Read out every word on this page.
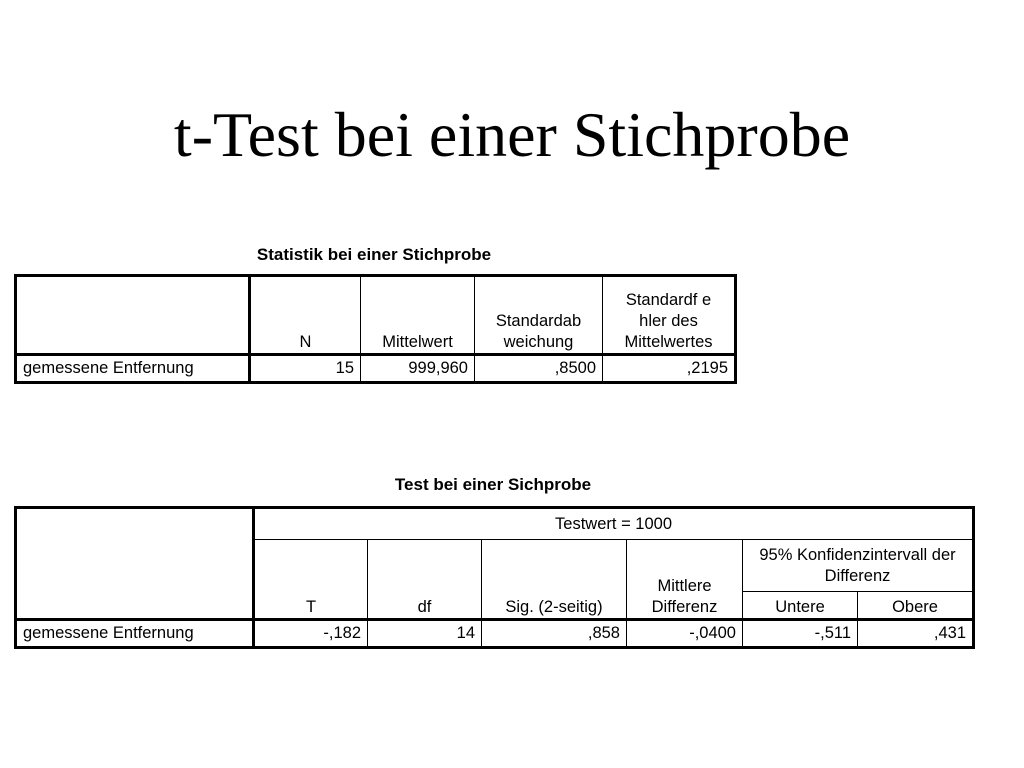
t-Test bei einer Stichprobe
Statistik bei einer Stichprobe
	N	Mittelwert	Standardab weichung	Standardf e hler des Mittelwertes
gemessene Entfernung	15	999,960	,8500	,2195
Test bei einer Sichprobe
	Testwert = 1000					
	T	df	Sig. (2-seitig)	Mittlere Differenz	95% Konfidenzintervall der Differenz	
					Untere	Obere
gemessene Entfernung	-,182	14	,858	-,0400	-,511	,431
